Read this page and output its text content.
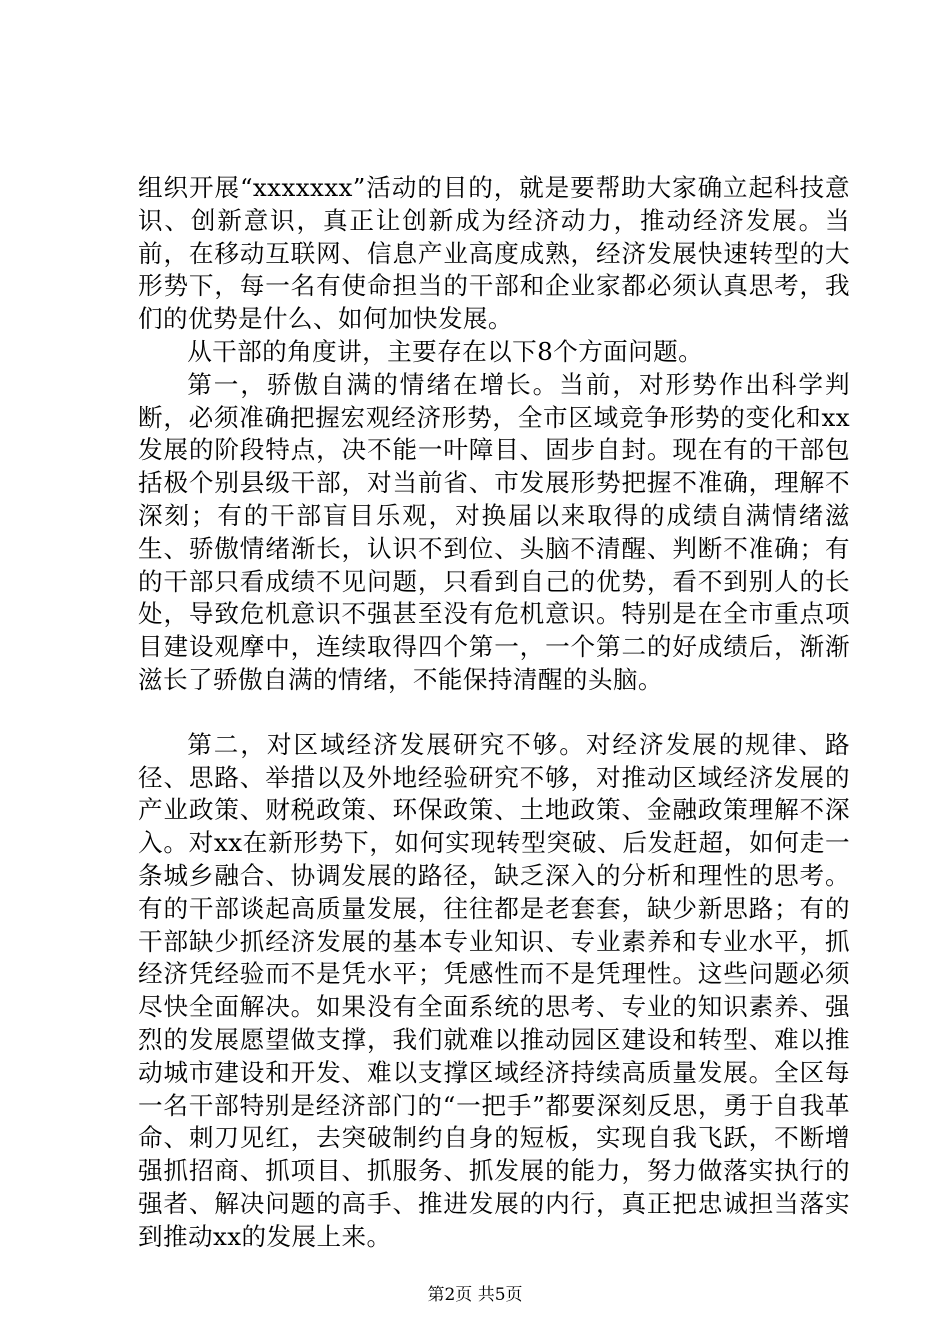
组织开展“xxxxxxx”活动的目的，就是要帮助大家确立起科技意识、创新意识，真正让创新成为经济动力，推动经济发展。当前，在移动互联网、信息产业高度成熟，经济发展快速转型的大形势下，每一名有使命担当的干部和企业家都必须认真思考，我们的优势是什么、如何加快发展。

从干部的角度讲，主要存在以下8个方面问题。

第一，骄傲自满的情绪在增长。当前，对形势作出科学判断，必须准确把握宏观经济形势，全市区域竞争形势的变化和xx发展的阶段特点，决不能一叶障目、固步自封。现在有的干部包括极个别县级干部，对当前省、市发展形势把握不准确，理解不深刻；有的干部盲目乐观，对换届以来取得的成绩自满情绪滋生、骄傲情绪渐长，认识不到位、头脑不清醒、判断不准确；有的干部只看成绩不见问题，只看到自己的优势，看不到别人的长处，导致危机意识不强甚至没有危机意识。特别是在全市重点项目建设观摩中，连续取得四个第一，一个第二的好成绩后，渐渐滋长了骄傲自满的情绪，不能保持清醒的头脑。

第二，对区域经济发展研究不够。对经济发展的规律、路径、思路、举措以及外地经验研究不够，对推动区域经济发展的产业政策、财税政策、环保政策、土地政策、金融政策理解不深入。对xx在新形势下，如何实现转型突破、后发赶超，如何走一条城乡融合、协调发展的路径，缺乏深入的分析和理性的思考。有的干部谈起高质量发展，往往都是老套套，缺少新思路；有的干部缺少抓经济发展的基本专业知识、专业素养和专业水平，抓经济凭经验而不是凭水平；凭感性而不是凭理性。这些问题必须尽快全面解决。如果没有全面系统的思考、专业的知识素养、强烈的发展愿望做支撑，我们就难以推动园区建设和转型、难以推动城市建设和开发、难以支撑区域经济持续高质量发展。全区每一名干部特别是经济部门的“一把手”都要深刻反思，勇于自我革命、刺刀见红，去突破制约自身的短板，实现自我飞跃，不断增强抓招商、抓项目、抓服务、抓发展的能力，努力做落实执行的强者、解决问题的高手、推进发展的内行，真正把忠诚担当落实到推动xx的发展上来。

第2页 共5页
